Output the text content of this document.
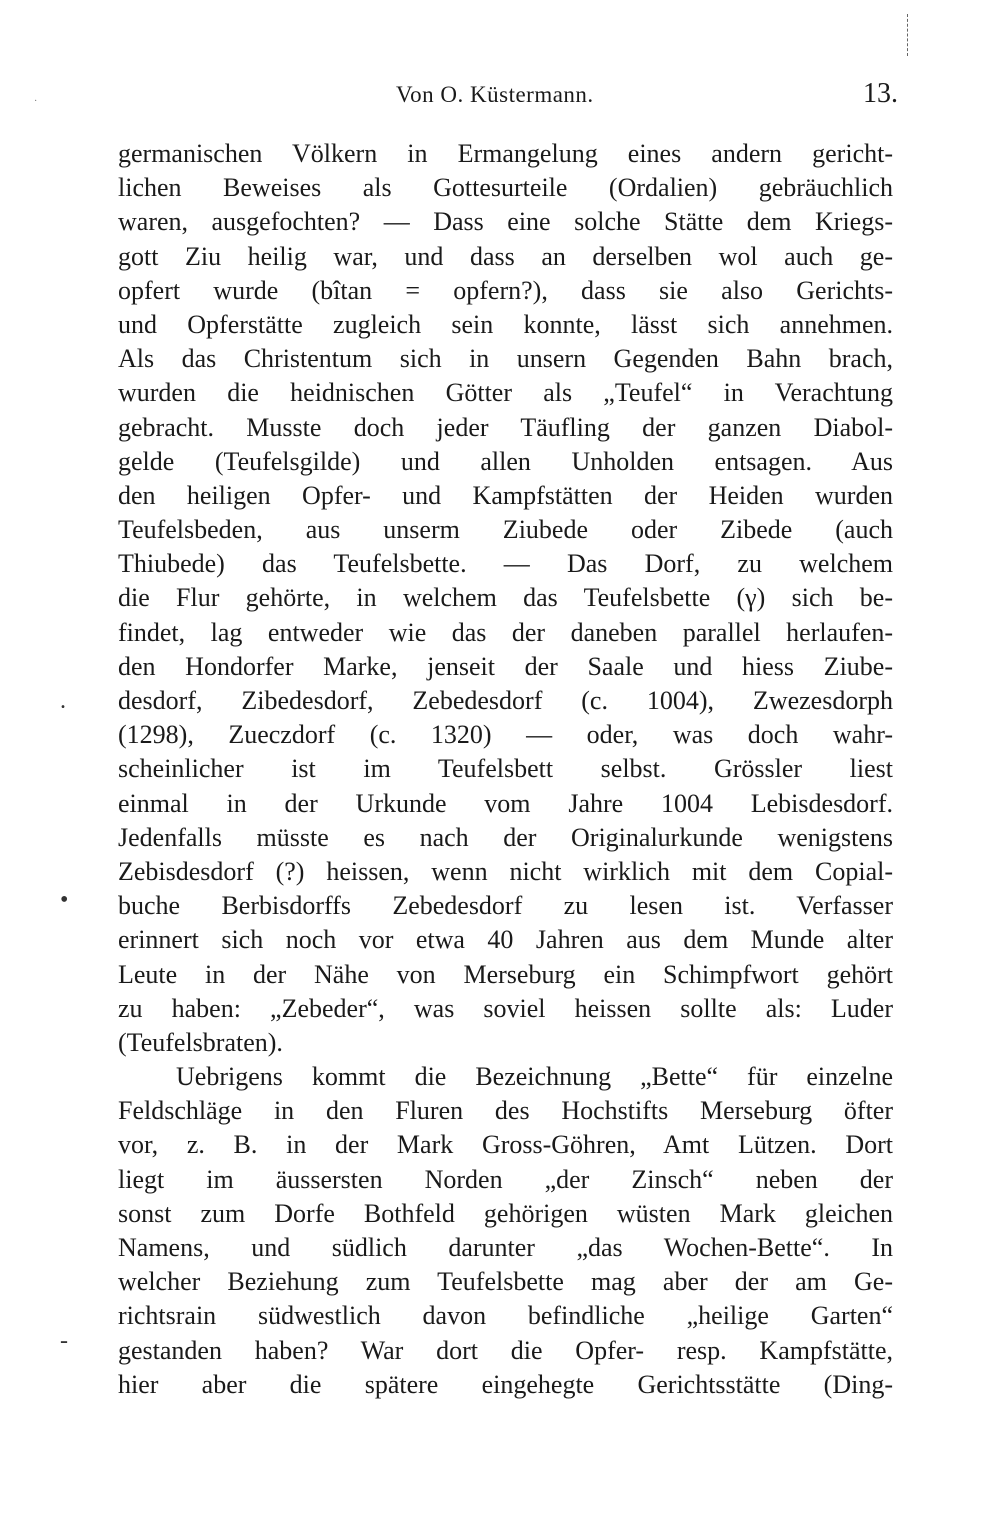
Von O. Küstermann.	13.
·
.
•
-
germanischen Völkern in Ermangelung eines andern gericht-
lichen Beweises als Gottesurteile (Ordalien) gebräuchlich
waren, ausgefochten? — Dass eine solche Stätte dem Kriegs-
gott Ziu heilig war, und dass an derselben wol auch ge-
opfert wurde (bîtan = opfern?), dass sie also Gerichts-
und Opferstätte zugleich sein konnte, lässt sich annehmen.
Als das Christentum sich in unsern Gegenden Bahn brach,
wurden die heidnischen Götter als „Teufel“ in Verachtung
gebracht. Musste doch jeder Täufling der ganzen Diabol-
gelde (Teufelsgilde) und allen Unholden entsagen. Aus
den heiligen Opfer- und Kampfstätten der Heiden wurden
Teufelsbeden, aus unserm Ziubede oder Zibede (auch
Thiubede) das Teufelsbette. — Das Dorf, zu welchem
die Flur gehörte, in welchem das Teufelsbette (γ) sich be-
findet, lag entweder wie das der daneben parallel herlaufen-
den Hondorfer Marke, jenseit der Saale und hiess Ziube-
desdorf, Zibedesdorf, Zebedesdorf (c. 1004), Zwezesdorph
(1298), Zueczdorf (c. 1320) — oder, was doch wahr-
scheinlicher ist im Teufelsbett selbst. Grössler liest
einmal in der Urkunde vom Jahre 1004 Lebisdesdorf.
Jedenfalls müsste es nach der Originalurkunde wenigstens
Zebisdesdorf (?) heissen, wenn nicht wirklich mit dem Copial-
buche Berbisdorffs Zebedesdorf zu lesen ist. Verfasser
erinnert sich noch vor etwa 40 Jahren aus dem Munde alter
Leute in der Nähe von Merseburg ein Schimpfwort gehört
zu haben: „Zebeder“, was soviel heissen sollte als: Luder
(Teufelsbraten).
Uebrigens kommt die Bezeichnung „Bette“ für einzelne
Feldschläge in den Fluren des Hochstifts Merseburg öfter
vor, z. B. in der Mark Gross-Göhren, Amt Lützen. Dort
liegt im äussersten Norden „der Zinsch“ neben der
sonst zum Dorfe Bothfeld gehörigen wüsten Mark gleichen
Namens, und südlich darunter „das Wochen-Bette“. In
welcher Beziehung zum Teufelsbette mag aber der am Ge-
richtsrain südwestlich davon befindliche „heilige Garten“
gestanden haben? War dort die Opfer- resp. Kampfstätte,
hier aber die spätere eingehegte Gerichtsstätte (Ding-
